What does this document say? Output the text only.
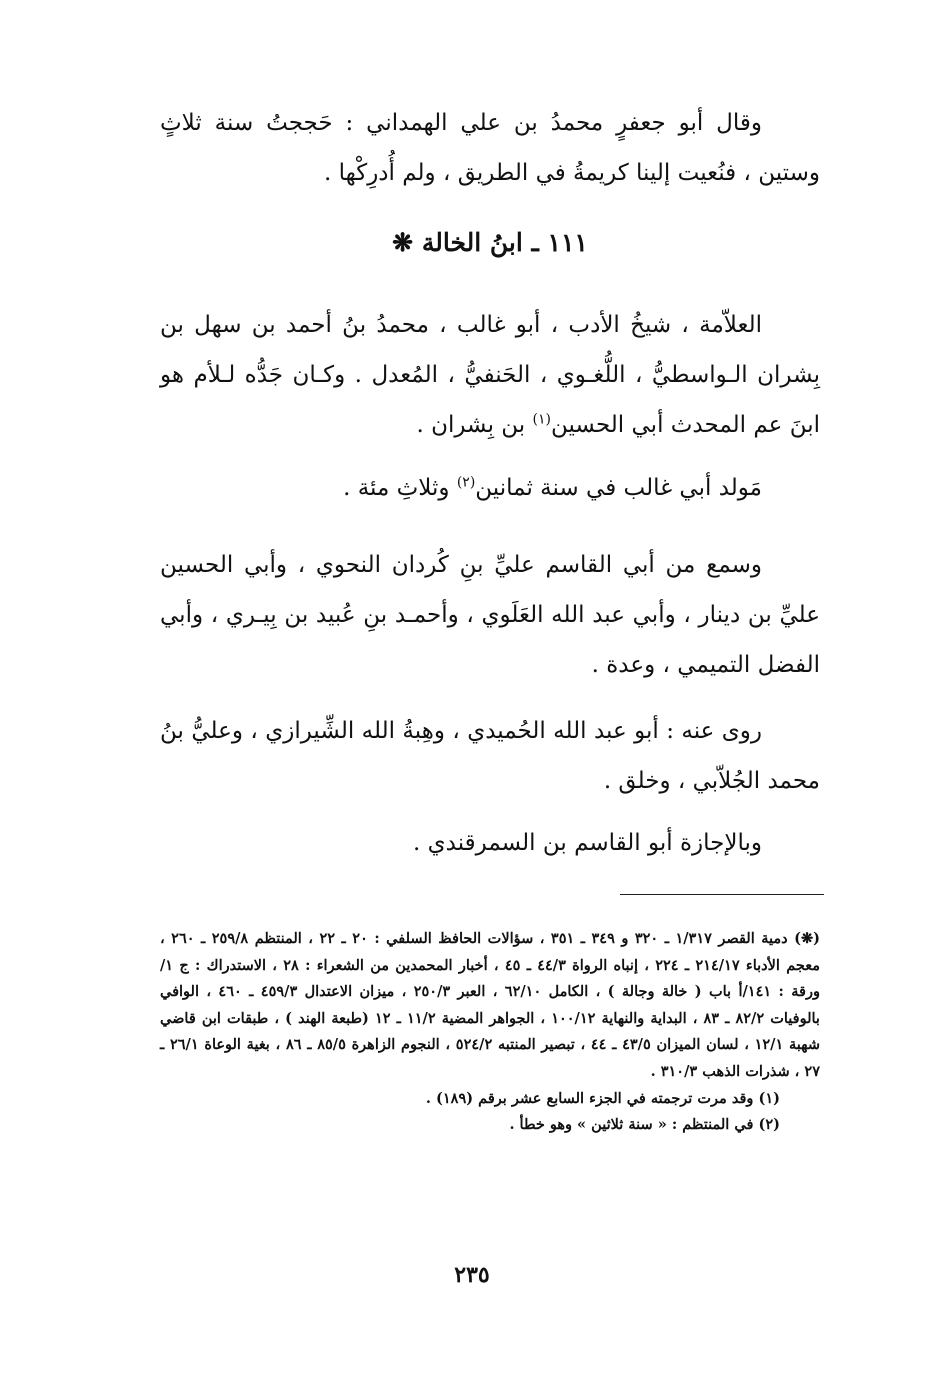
وقال أبو جعفرٍ محمدُ بن علي الهمداني : حَججتُ سنة ثلاثٍ وستين ، فنُعيت إلينا كريمةُ في الطريق ، ولم أُدرِكْها .

١١١ ـ ابنُ الخالة ❋

العلاّمة ، شيخُ الأدب ، أبو غالب ، محمدُ بنُ أحمد بن سهل بن بِشران الـواسطيُّ ، اللُّغـوي ، الحَنفيُّ ، المُعدل . وكـان جَدُّه لـلأم هو ابنَ عم المحدث أبي الحسين$^{(١)}$ بن بِشران .

مَولد أبي غالب في سنة ثمانين$^{(٢)}$ وثلاثِ مئة .

وسمع من أبي القاسم عليِّ بنِ كُردان النحوي ، وأبي الحسين عليِّ بن دينار ، وأبي عبد الله العَلَوي ، وأحمـد بنِ عُبيد بن بِيـري ، وأبي الفضل التميمي ، وعدة .

روى عنه : أبو عبد الله الحُميدي ، وهِبةُ الله الشِّيرازي ، وعليُّ بنُ محمد الجُلاّبي ، وخلق .

وبالإجازة أبو القاسم بن السمرقندي .

(❋) دمية القصر ١/٣١٧ ـ ٣٢٠ و ٣٤٩ ـ ٣٥١ ، سؤالات الحافظ السلفي : ٢٠ ـ ٢٢ ، المنتظم ٢٥٩/٨ ـ ٢٦٠ ، معجم الأدباء ٢١٤/١٧ ـ ٢٢٤ ، إنباه الرواة ٤٤/٣ ـ ٤٥ ، أخبار المحمدين من الشعراء : ٢٨ ، الاستدراك : ج ١/ورقة : ١٤١/أ باب ( خالة وجالة ) ، الكامل ٦٢/١٠ ، العبر ٢٥٠/٣ ، ميزان الاعتدال ٤٥٩/٣ ـ ٤٦٠ ، الوافي بالوفيات ٨٢/٢ ـ ٨٣ ، البداية والنهاية ١٠٠/١٢ ، الجواهر المضية ١١/٢ ـ ١٢ (طبعة الهند ) ، طبقات ابن قاضي شهبة ١٢/١ ، لسان الميزان ٤٣/٥ ـ ٤٤ ، تبصير المنتبه ٥٢٤/٢ ، النجوم الزاهرة ٨٥/٥ ـ ٨٦ ، بغية الوعاة ٢٦/١ ـ ٢٧ ، شذرات الذهب ٣١٠/٣ .
(١) وقد مرت ترجمته في الجزء السابع عشر برقم (١٨٩) .
(٢) في المنتظم : « سنة ثلاثين » وهو خطأ .
٢٣٥
